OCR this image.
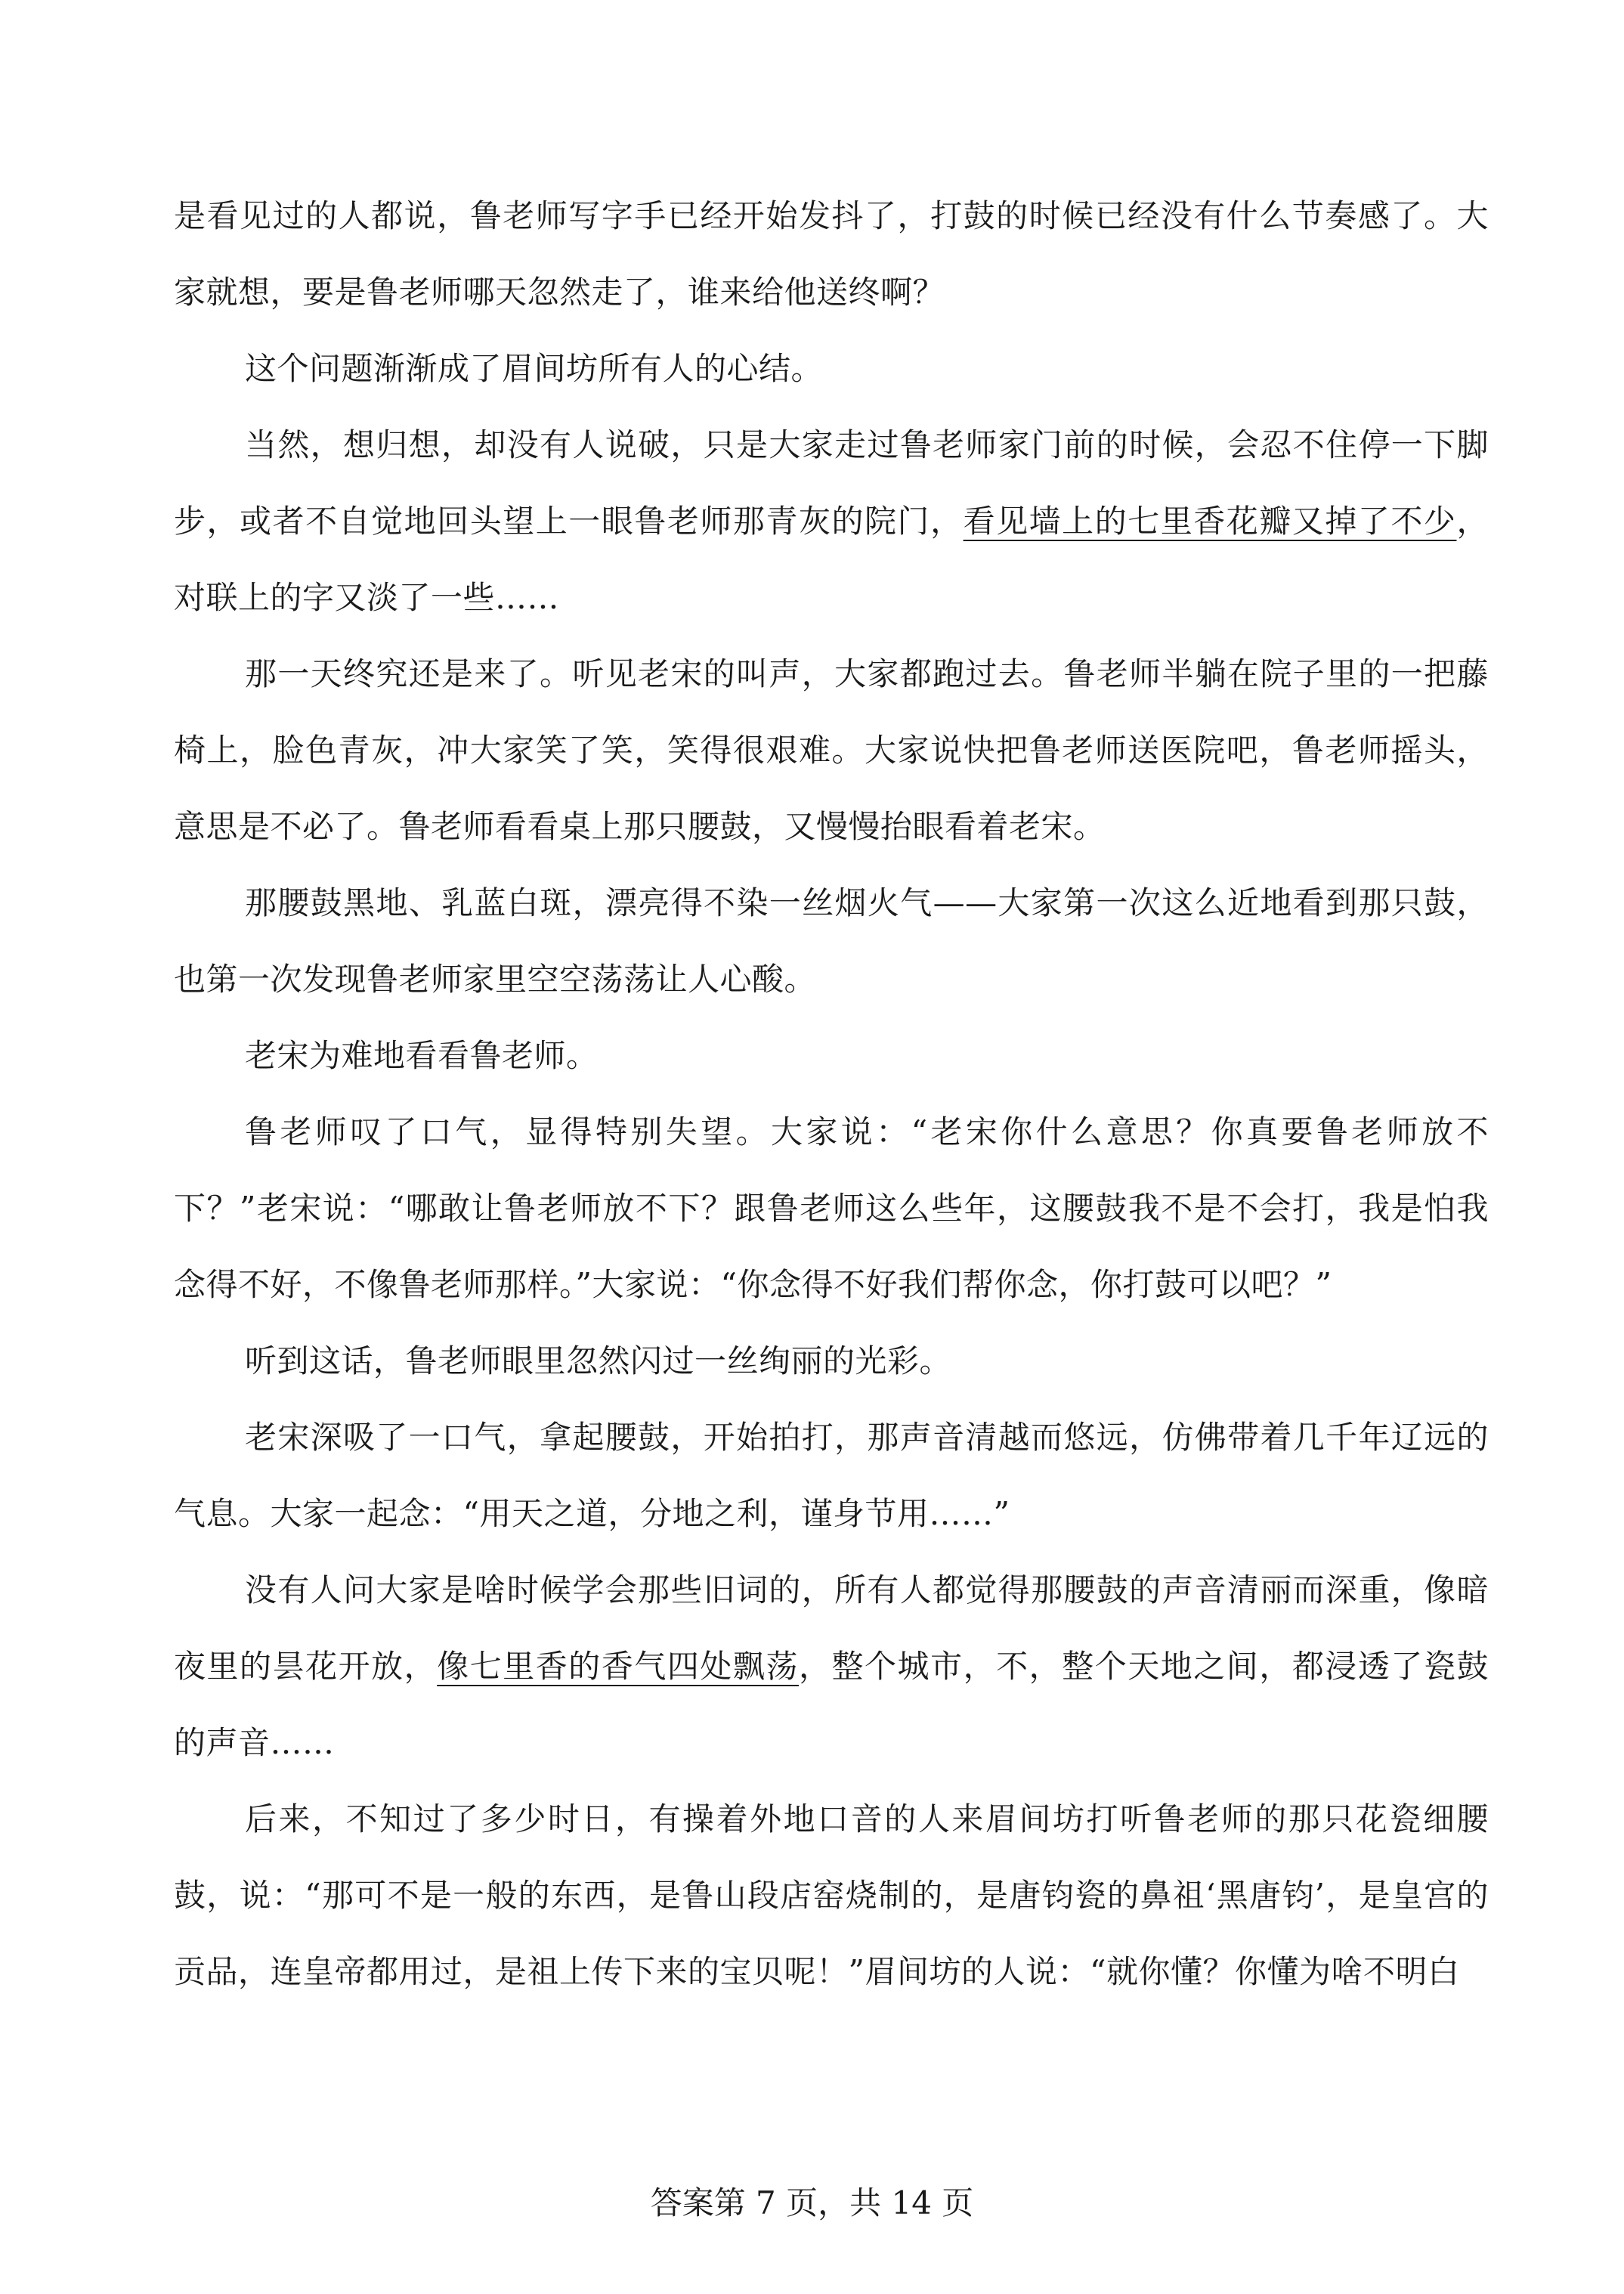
是看见过的人都说，鲁老师写字手已经开始发抖了，打鼓的时候已经没有什么节奏感了。大家就想，要是鲁老师哪天忽然走了，谁来给他送终啊？

这个问题渐渐成了眉间坊所有人的心结。

当然，想归想，却没有人说破，只是大家走过鲁老师家门前的时候，会忍不住停一下脚步，或者不自觉地回头望上一眼鲁老师那青灰的院门，看见墙上的七里香花瓣又掉了不少，对联上的字又淡了一些……

那一天终究还是来了。听见老宋的叫声，大家都跑过去。鲁老师半躺在院子里的一把藤椅上，脸色青灰，冲大家笑了笑，笑得很艰难。大家说快把鲁老师送医院吧，鲁老师摇头，意思是不必了。鲁老师看看桌上那只腰鼓，又慢慢抬眼看着老宋。

那腰鼓黑地、乳蓝白斑，漂亮得不染一丝烟火气——大家第一次这么近地看到那只鼓，也第一次发现鲁老师家里空空荡荡让人心酸。

老宋为难地看看鲁老师。

鲁老师叹了口气，显得特别失望。大家说：“老宋你什么意思？你真要鲁老师放不下？”老宋说：“哪敢让鲁老师放不下？跟鲁老师这么些年，这腰鼓我不是不会打，我是怕我念得不好，不像鲁老师那样。”大家说：“你念得不好我们帮你念，你打鼓可以吧？”

听到这话，鲁老师眼里忽然闪过一丝绚丽的光彩。

老宋深吸了一口气，拿起腰鼓，开始拍打，那声音清越而悠远，仿佛带着几千年辽远的气息。大家一起念：“用天之道，分地之利，谨身节用……”

没有人问大家是啥时候学会那些旧词的，所有人都觉得那腰鼓的声音清丽而深重，像暗夜里的昙花开放，像七里香的香气四处飘荡，整个城市，不，整个天地之间，都浸透了瓷鼓的声音……

后来，不知过了多少时日，有操着外地口音的人来眉间坊打听鲁老师的那只花瓷细腰鼓，说：“那可不是一般的东西，是鲁山段店窑烧制的，是唐钧瓷的鼻祖‘黑唐钧’，是皇宫的贡品，连皇帝都用过，是祖上传下来的宝贝呢！”眉间坊的人说：“就你懂？你懂为啥不明白

答案第 7 页，共 14 页
